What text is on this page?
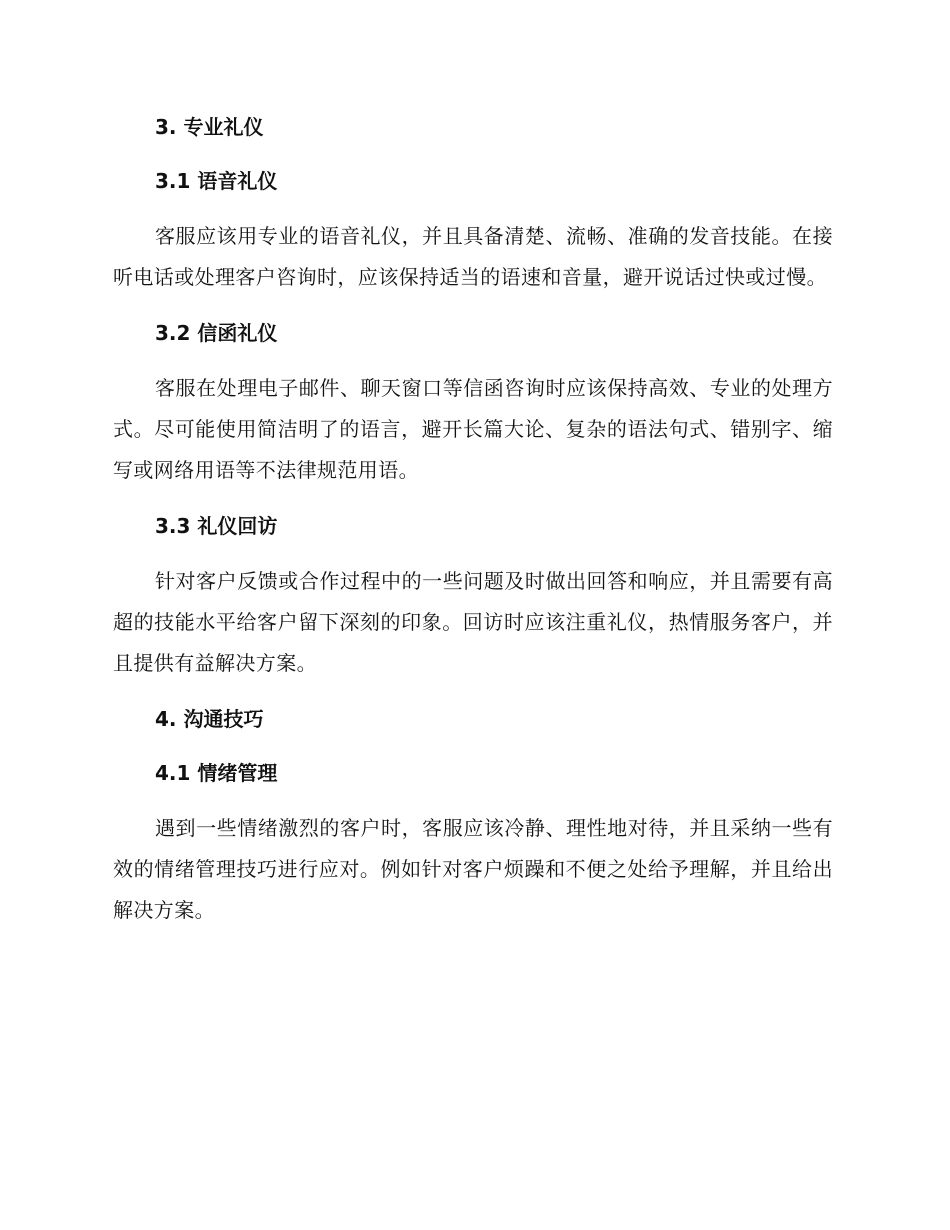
3. 专业礼仪
3.1 语音礼仪

客服应该用专业的语音礼仪，并且具备清楚、流畅、准确的发音技能。在接听电话或处理客户咨询时，应该保持适当的语速和音量，避开说话过快或过慢。

3.2 信函礼仪

客服在处理电子邮件、聊天窗口等信函咨询时应该保持高效、专业的处理方式。尽可能使用简洁明了的语言，避开长篇大论、复杂的语法句式、错别字、缩写或网络用语等不法律规范用语。

3.3 礼仪回访

针对客户反馈或合作过程中的一些问题及时做出回答和响应，并且需要有高超的技能水平给客户留下深刻的印象。回访时应该注重礼仪，热情服务客户，并且提供有益解决方案。

4. 沟通技巧
4.1 情绪管理

遇到一些情绪激烈的客户时，客服应该冷静、理性地对待，并且采纳一些有效的情绪管理技巧进行应对。例如针对客户烦躁和不便之处给予理解，并且给出解决方案。
